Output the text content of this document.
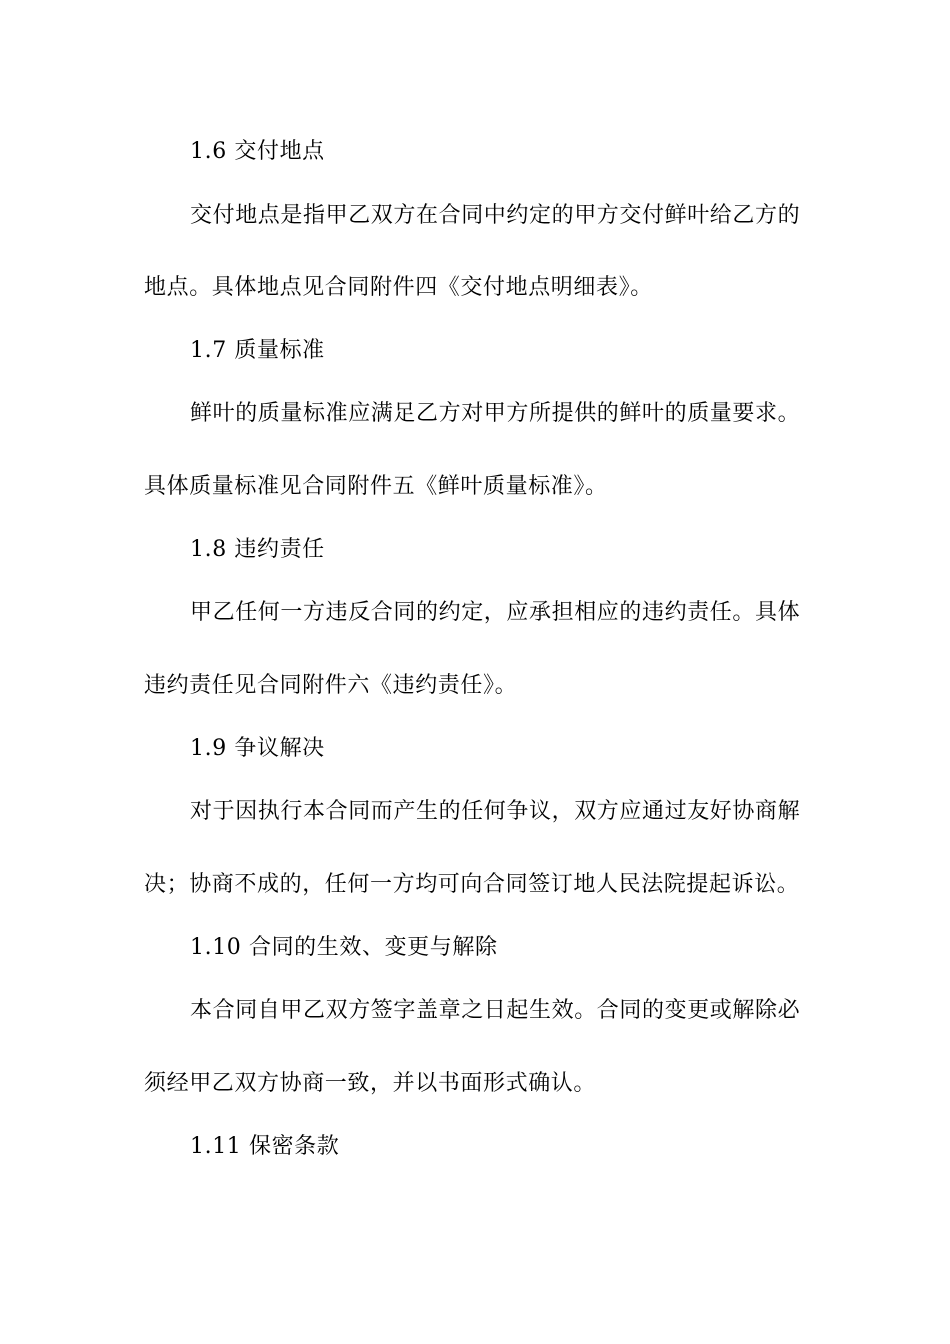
1.6 交付地点
交付地点是指甲乙双方在合同中约定的甲方交付鲜叶给乙方的
地点。具体地点见合同附件四《交付地点明细表》。
1.7 质量标准
鲜叶的质量标准应满足乙方对甲方所提供的鲜叶的质量要求。
具体质量标准见合同附件五《鲜叶质量标准》。
1.8 违约责任
甲乙任何一方违反合同的约定，应承担相应的违约责任。具体
违约责任见合同附件六《违约责任》。
1.9 争议解决
对于因执行本合同而产生的任何争议，双方应通过友好协商解
决；协商不成的，任何一方均可向合同签订地人民法院提起诉讼。
1.10 合同的生效、变更与解除
本合同自甲乙双方签字盖章之日起生效。合同的变更或解除必
须经甲乙双方协商一致，并以书面形式确认。
1.11 保密条款
